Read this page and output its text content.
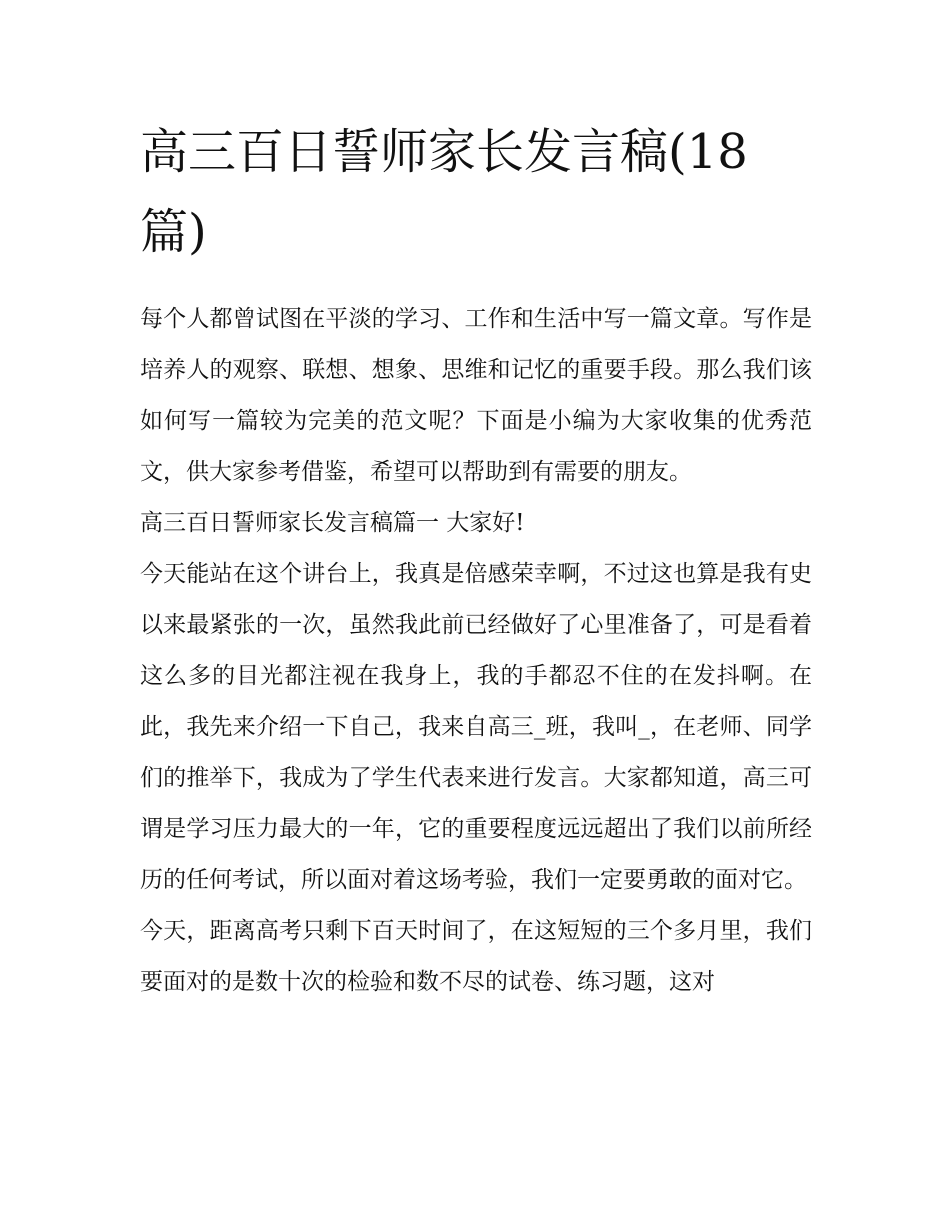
高三百日誓师家长发言稿(18篇)

每个人都曾试图在平淡的学习、工作和生活中写一篇文章。写作是培养人的观察、联想、想象、思维和记忆的重要手段。那么我们该如何写一篇较为完美的范文呢？下面是小编为大家收集的优秀范文，供大家参考借鉴，希望可以帮助到有需要的朋友。

高三百日誓师家长发言稿篇一 大家好!

今天能站在这个讲台上，我真是倍感荣幸啊，不过这也算是我有史以来最紧张的一次，虽然我此前已经做好了心里准备了，可是看着这么多的目光都注视在我身上，我的手都忍不住的在发抖啊。在此，我先来介绍一下自己，我来自高三_班，我叫_，在老师、同学们的推举下，我成为了学生代表来进行发言。大家都知道，高三可谓是学习压力最大的一年，它的重要程度远远超出了我们以前所经历的任何考试，所以面对着这场考验，我们一定要勇敢的面对它。

今天，距离高考只剩下百天时间了，在这短短的三个多月里，我们要面对的是数十次的检验和数不尽的试卷、练习题，这对
